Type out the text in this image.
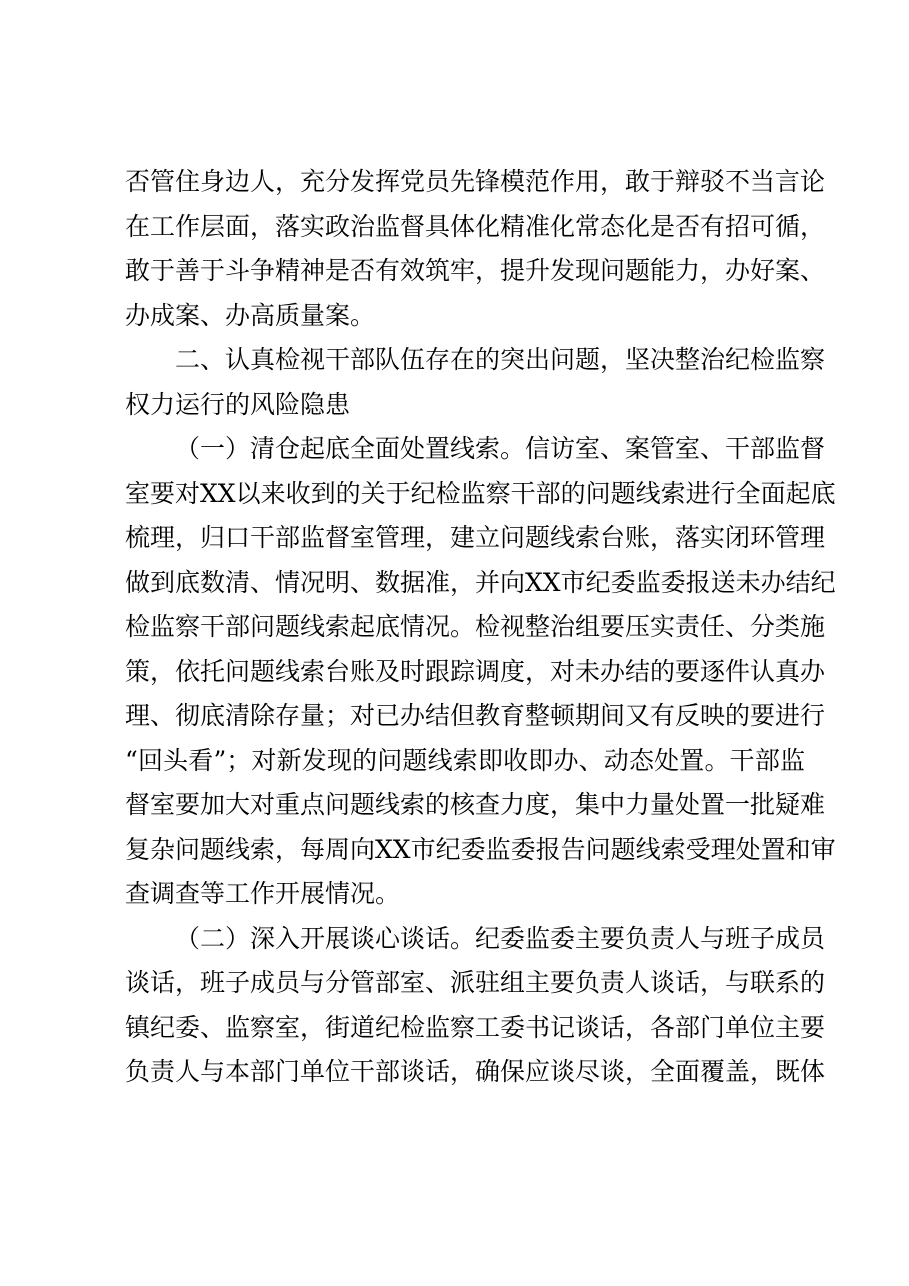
否管住身边人，充分发挥党员先锋模范作用，敢于辩驳不当言论
在工作层面，落实政治监督具体化精准化常态化是否有招可循，
敢于善于斗争精神是否有效筑牢，提升发现问题能力，办好案、
办成案、办高质量案。
二、认真检视干部队伍存在的突出问题，坚决整治纪检监察
权力运行的风险隐患
（一）清仓起底全面处置线索。信访室、案管室、干部监督
室要对XX以来收到的关于纪检监察干部的问题线索进行全面起底
梳理，归口干部监督室管理，建立问题线索台账，落实闭环管理
做到底数清、情况明、数据准，并向XX市纪委监委报送未办结纪
检监察干部问题线索起底情况。检视整治组要压实责任、分类施
策，依托问题线索台账及时跟踪调度，对未办结的要逐件认真办
理、彻底清除存量；对已办结但教育整顿期间又有反映的要进行
“回头看”；对新发现的问题线索即收即办、动态处置。干部监
督室要加大对重点问题线索的核查力度，集中力量处置一批疑难
复杂问题线索，每周向XX市纪委监委报告问题线索受理处置和审
查调查等工作开展情况。
（二）深入开展谈心谈话。纪委监委主要负责人与班子成员
谈话，班子成员与分管部室、派驻组主要负责人谈话，与联系的
镇纪委、监察室，街道纪检监察工委书记谈话，各部门单位主要
负责人与本部门单位干部谈话，确保应谈尽谈，全面覆盖，既体
